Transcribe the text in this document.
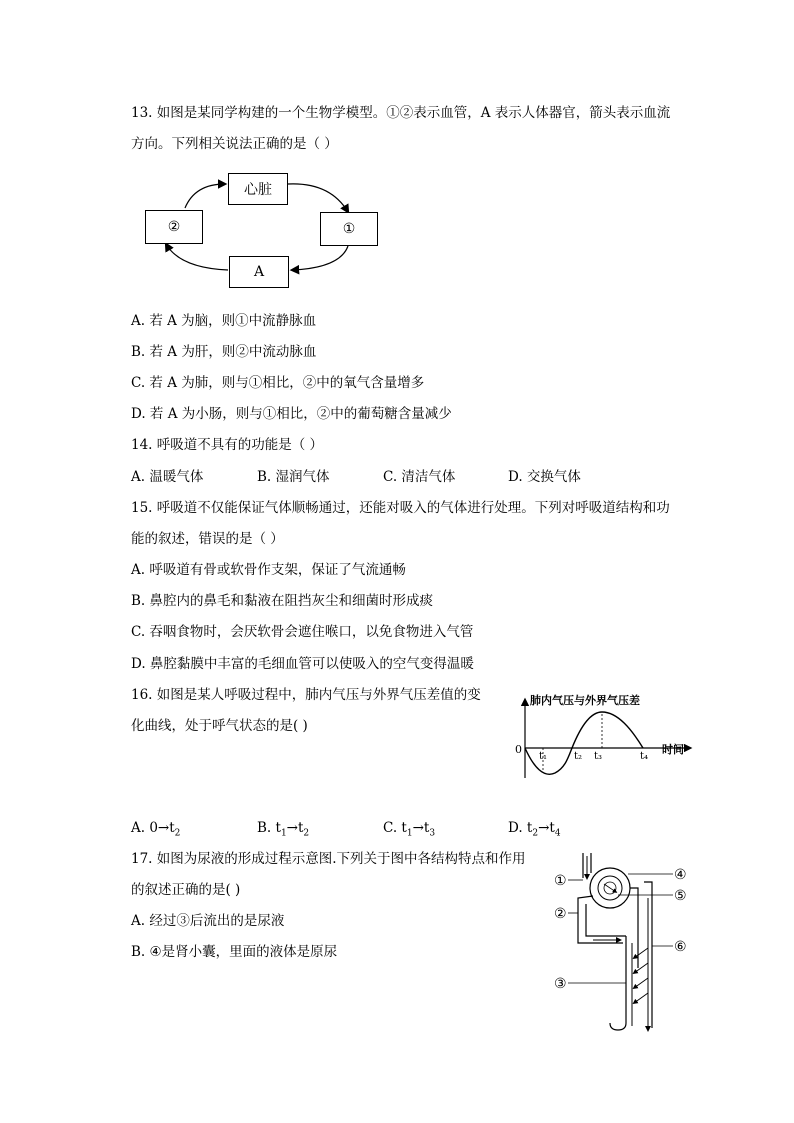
13. 如图是某同学构建的一个生物学模型。①②表示血管，A 表示人体器官，箭头表示血流
方向。下列相关说法正确的是（ ）
心脏
②	①
A
A. 若 A 为脑，则①中流静脉血
B. 若 A 为肝，则②中流动脉血
C. 若 A 为肺，则与①相比，②中的氧气含量增多
D. 若 A 为小肠，则与①相比，②中的葡萄糖含量减少
14. 呼吸道不具有的功能是（ ）
A. 温暖气体	B. 湿润气体	C. 清洁气体	D. 交换气体
15. 呼吸道不仅能保证气体顺畅通过，还能对吸入的气体进行处理。下列对呼吸道结构和功
能的叙述，错误的是（ ）
A. 呼吸道有骨或软骨作支架，保证了气流通畅
B. 鼻腔内的鼻毛和黏液在阻挡灰尘和细菌时形成痰
C. 吞咽食物时，会厌软骨会遮住喉口，以免食物进入气管
D. 鼻腔黏膜中丰富的毛细血管可以使吸入的空气变得温暖
16. 如图是某人呼吸过程中，肺内气压与外界气压差值的变
化曲线，处于呼气状态的是( )
肺内气压与外界气压差
0
t₁	t₂ t₃	t₄
时间
A. $0\to t_2$	B. $t_1\to t_2$	C. $t_1\to t_3$	D. $t_2\to t_4$
17. 如图为尿液的形成过程示意图.下列关于图中各结构特点和作用
的叙述正确的是( )
A. 经过③后流出的是尿液
B. ④是肾小囊，里面的液体是原尿
①
②
③
④
⑤
⑥
